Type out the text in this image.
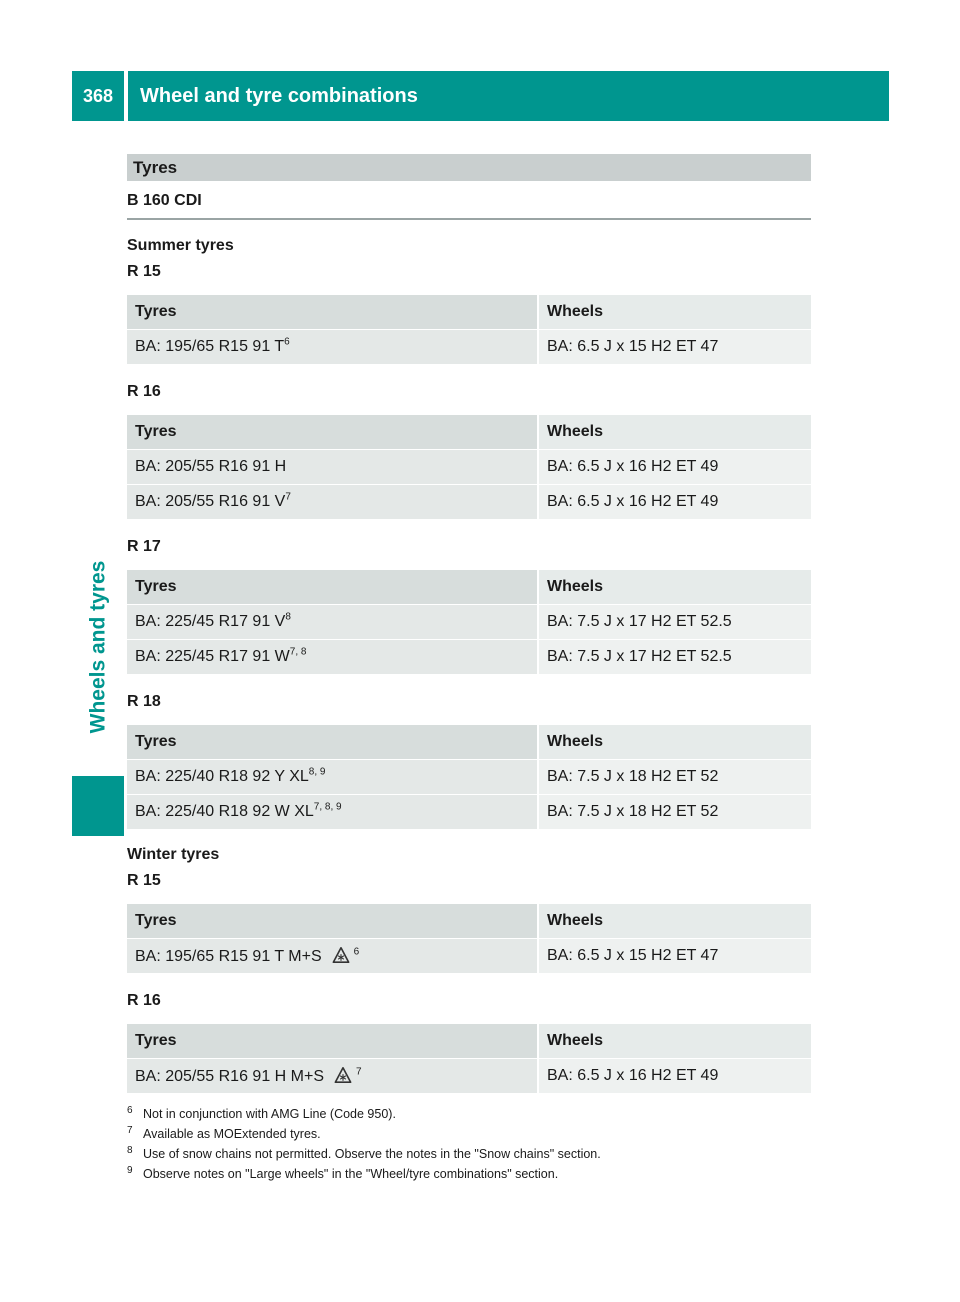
368	Wheel and tyre combinations
Wheels and tyres
Tyres
B 160 CDI
Summer tyres
R 15
Tyres	Wheels
BA: 195/65 R15 91 $T^6$	BA: 6.5 J x 15 H2 ET 47
R 16
Tyres	Wheels
BA: 205/55 R16 91 H	BA: 6.5 J x 16 H2 ET 49
BA: 205/55 R16 91 $V^7$	BA: 6.5 J x 16 H2 ET 49
R 17
Tyres	Wheels
BA: 225/45 R17 91 $V^8$	BA: 7.5 J x 17 H2 ET 52.5
BA: 225/45 R17 91 W$^{7, 8}$	BA: 7.5 J x 17 H2 ET 52.5
R 18
Tyres	Wheels
BA: 225/40 R18 92 Y XL$^{8, 9}$	BA: 7.5 J x 18 H2 ET 52
BA: 225/40 R18 92 W XL$^{7, 8, 9}$	BA: 7.5 J x 18 H2 ET 52
Winter tyres
R 15
Tyres	Wheels
BA: 195/65 R15 91 T M+S $^6$	BA: 6.5 J x 15 H2 ET 47
R 16
Tyres	Wheels
BA: 205/55 R16 91 H M+S $^7$	BA: 6.5 J x 16 H2 ET 49
6 Not in conjunction with AMG Line (Code 950).
7 Available as MOExtended tyres.
8 Use of snow chains not permitted. Observe the notes in the "Snow chains" section.
9 Observe notes on "Large wheels" in the "Wheel/tyre combinations" section.
